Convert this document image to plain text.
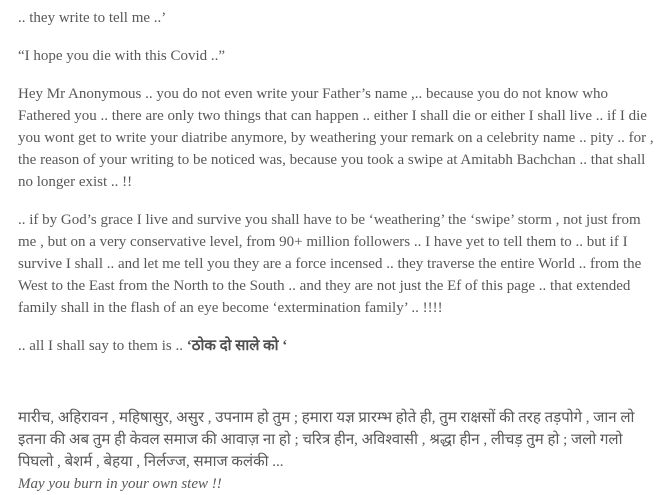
.. they write to tell me ..’

“I hope you die with this Covid ..”

Hey Mr Anonymous .. you do not even write your Father’s name ,.. because you do not know who Fathered you .. there are only two things that can happen .. either I shall die or either I shall live .. if I die you wont get to write your diatribe anymore, by weathering your remark on a celebrity name .. pity .. for , the reason of your writing to be noticed was, because you took a swipe at Amitabh Bachchan .. that shall no longer exist .. !!

.. if by God’s grace I live and survive you shall have to be ‘weathering’ the ‘swipe’ storm , not just from me , but on a very conservative level, from 90+ million followers .. I have yet to tell them to .. but if I survive I shall .. and let me tell you they are a force incensed .. they traverse the entire World .. from the West to the East from the North to the South .. and they are not just the Ef of this page .. that extended family shall in the flash of an eye become ‘extermination family’ .. !!!!

.. all I shall say to them is .. ‘ठोक दो साले को ‘

मारीच, अहिरावन , महिषासुर, असुर , उपनाम हो तुम ; हमारा यज्ञ प्रारम्भ होते ही, तुम राक्षसों की तरह तड़पोगे , जान लो इतना की अब तुम ही केवल समाज की आवाज़ ना हो ; चरित्र हीन, अविश्वासी , श्रद्धा हीन , लीचड़ तुम हो ; जलो गलो पिघलो , बेशर्म , बेहया , निर्लज्ज, समाज कलंकी ...

May you burn in your own stew !!
